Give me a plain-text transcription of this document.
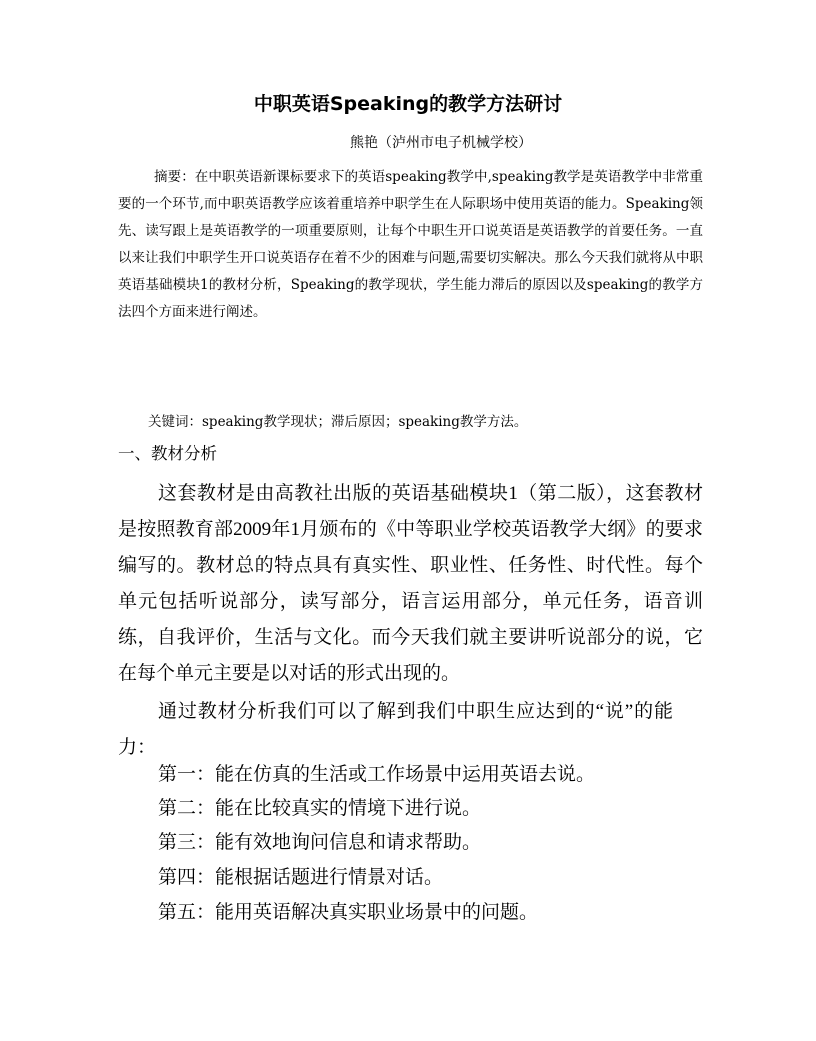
中职英语Speaking的教学方法研讨
熊艳（泸州市电子机械学校）

摘要：在中职英语新课标要求下的英语speaking教学中,speaking教学是英语教学中非常重要的一个环节,而中职英语教学应该着重培养中职学生在人际职场中使用英语的能力。Speaking领先、读写跟上是英语教学的一项重要原则，让每个中职生开口说英语是英语教学的首要任务。一直以来让我们中职学生开口说英语存在着不少的困难与问题,需要切实解决。那么今天我们就将从中职英语基础模块1的教材分析，Speaking的教学现状，学生能力滞后的原因以及speaking的教学方法四个方面来进行阐述。

关键词：speaking教学现状；滞后原因；speaking教学方法。
一、教材分析

这套教材是由高教社出版的英语基础模块1（第二版），这套教材是按照教育部2009年1月颁布的《中等职业学校英语教学大纲》的要求编写的。教材总的特点具有真实性、职业性、任务性、时代性。每个单元包括听说部分，读写部分，语言运用部分，单元任务，语音训练，自我评价，生活与文化。而今天我们就主要讲听说部分的说，它在每个单元主要是以对话的形式出现的。

通过教材分析我们可以了解到我们中职生应达到的“说”的能力：

第一：能在仿真的生活或工作场景中运用英语去说。
第二：能在比较真实的情境下进行说。
第三：能有效地询问信息和请求帮助。
第四：能根据话题进行情景对话。
第五：能用英语解决真实职业场景中的问题。
